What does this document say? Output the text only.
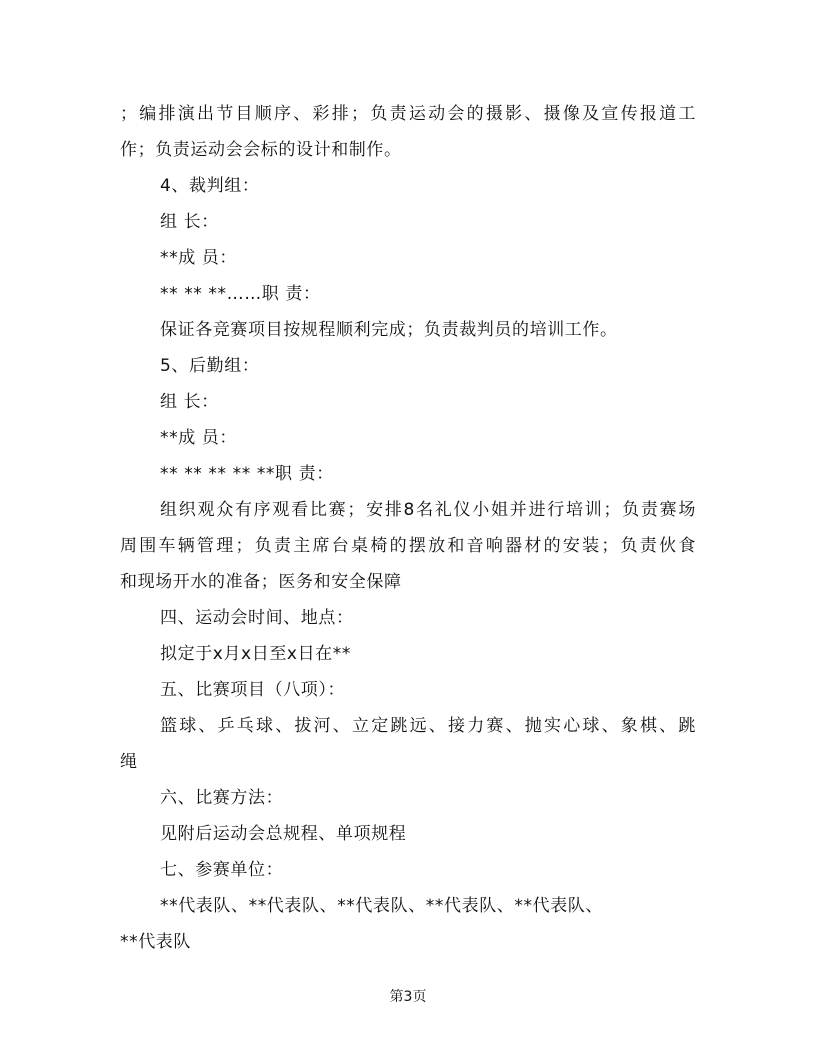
；编排演出节目顺序、彩排；负责运动会的摄影、摄像及宣传报道工
作；负责运动会会标的设计和制作。
4、裁判组：
组 长：
**成 员：
** ** **……职 责：
保证各竞赛项目按规程顺利完成；负责裁判员的培训工作。
5、后勤组：
组 长：
**成 员：
** ** ** ** **职 责：
组织观众有序观看比赛；安排8名礼仪小姐并进行培训；负责赛场
周围车辆管理；负责主席台桌椅的摆放和音响器材的安装；负责伙食
和现场开水的准备；医务和安全保障
四、运动会时间、地点：
拟定于x月x日至x日在**
五、比赛项目（八项）：
篮球、乒乓球、拔河、立定跳远、接力赛、抛实心球、象棋、跳
绳
六、比赛方法：
见附后运动会总规程、单项规程
七、参赛单位：
**代表队、**代表队、**代表队、**代表队、**代表队、
**代表队
第3页
